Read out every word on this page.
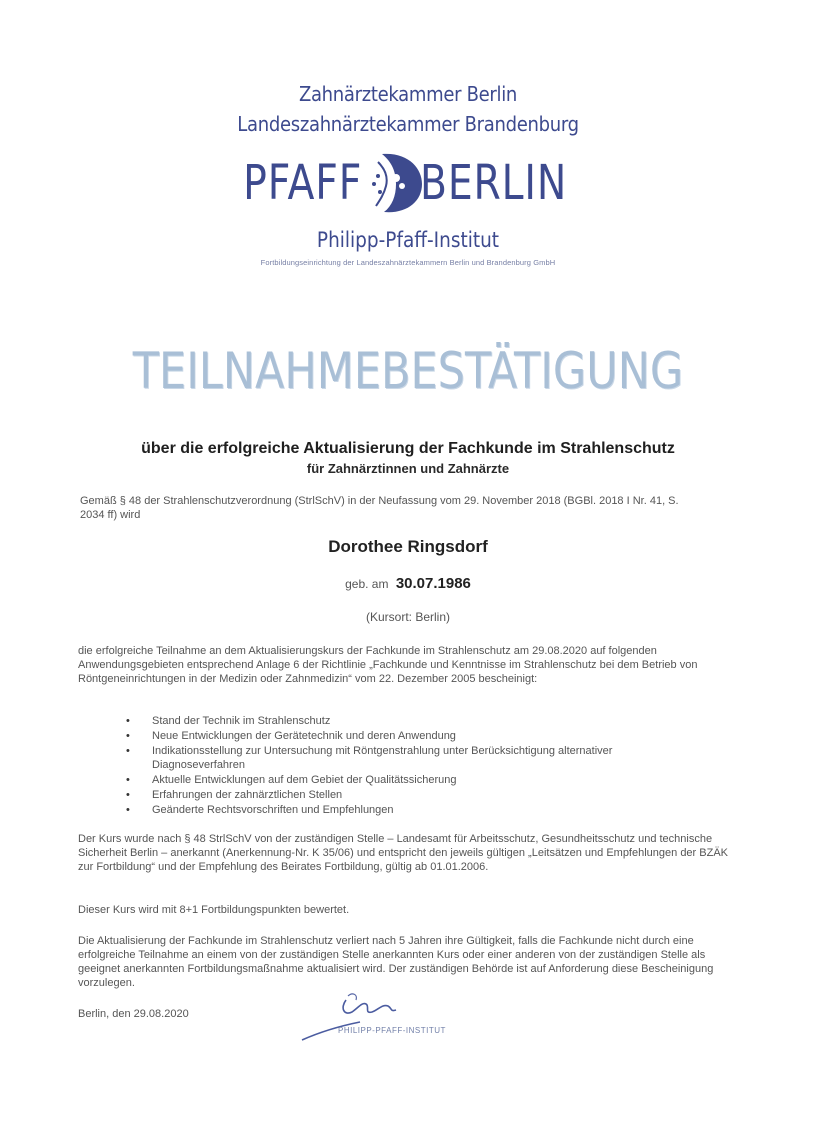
Zahnärztekammer Berlin
Landeszahnärztekammer Brandenburg
PFAFF BERLIN
Philipp-Pfaff-Institut
Fortbildungseinrichtung der Landeszahnärztekammern Berlin und Brandenburg GmbH
TEILNAHMEBESTÄTIGUNG
über die erfolgreiche Aktualisierung der Fachkunde im Strahlenschutz
für Zahnärztinnen und Zahnärzte
Gemäß § 48 der Strahlenschutzverordnung (StrlSchV) in der Neufassung vom 29. November 2018 (BGBl. 2018 I Nr. 41, S. 2034 ff) wird
Dorothee Ringsdorf
geb. am 30.07.1986
(Kursort: Berlin)
die erfolgreiche Teilnahme an dem Aktualisierungskurs der Fachkunde im Strahlenschutz am 29.08.2020 auf folgenden Anwendungsgebieten entsprechend Anlage 6 der Richtlinie „Fachkunde und Kenntnisse im Strahlenschutz bei dem Betrieb von Röntgeneinrichtungen in der Medizin oder Zahnmedizin“ vom 22. Dezember 2005 bescheinigt:
• Stand der Technik im Strahlenschutz
• Neue Entwicklungen der Gerätetechnik und deren Anwendung
• Indikationsstellung zur Untersuchung mit Röntgenstrahlung unter Berücksichtigung alternativer Diagnoseverfahren
• Aktuelle Entwicklungen auf dem Gebiet der Qualitätssicherung
• Erfahrungen der zahnärztlichen Stellen
• Geänderte Rechtsvorschriften und Empfehlungen
Der Kurs wurde nach § 48 StrlSchV von der zuständigen Stelle – Landesamt für Arbeitsschutz, Gesundheitsschutz und technische Sicherheit Berlin – anerkannt (Anerkennung-Nr. K 35/06) und entspricht den jeweils gültigen „Leitsätzen und Empfehlungen der BZÄK zur Fortbildung“ und der Empfehlung des Beirates Fortbildung, gültig ab 01.01.2006.
Dieser Kurs wird mit 8+1 Fortbildungspunkten bewertet.
Die Aktualisierung der Fachkunde im Strahlenschutz verliert nach 5 Jahren ihre Gültigkeit, falls die Fachkunde nicht durch eine erfolgreiche Teilnahme an einem von der zuständigen Stelle anerkannten Kurs oder einer anderen von der zuständigen Stelle als geeignet anerkannten Fortbildungsmaßnahme aktualisiert wird. Der zuständigen Behörde ist auf Anforderung diese Bescheinigung vorzulegen.
Berlin, den 29.08.2020
PHILIPP-PFAFF-INSTITUT
